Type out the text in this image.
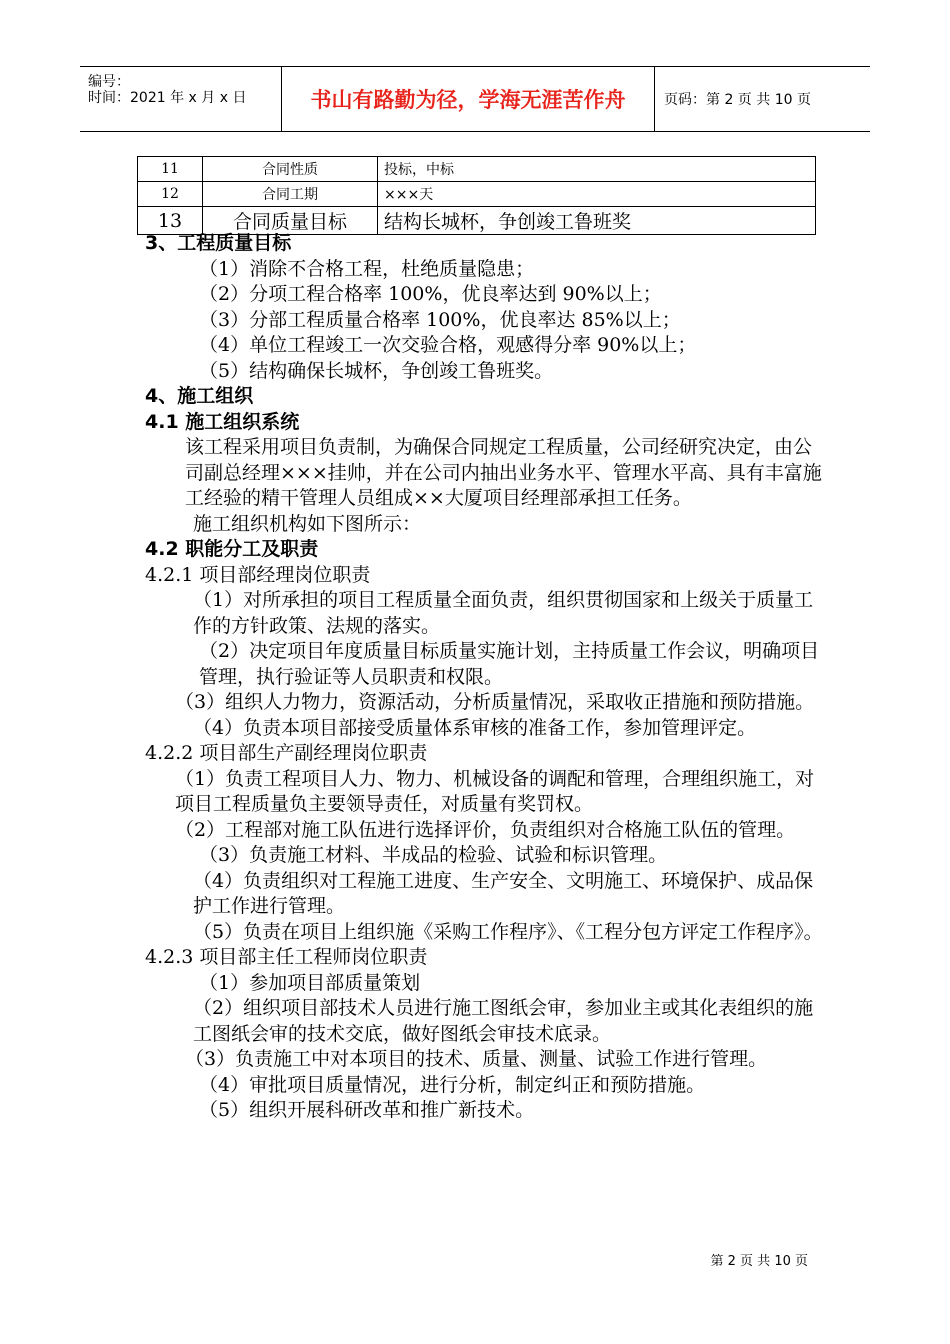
编号：
时间：2021 年 x 月 x 日	书山有路勤为径，学海无涯苦作舟	页码：第 2 页 共 10 页
11	合同性质	投标，中标
12	合同工期	×××天
13	合同质量目标	结构长城杯，争创竣工鲁班奖

3、工程质量目标

（1）消除不合格工程，杜绝质量隐患；

（2）分项工程合格率 100%，优良率达到 90%以上；

（3）分部工程质量合格率 100%，优良率达 85%以上；

（4）单位工程竣工一次交验合格，观感得分率 90%以上；

（5）结构确保长城杯，争创竣工鲁班奖。

4、施工组织

4.1 施工组织系统

该工程采用项目负责制，为确保合同规定工程质量，公司经研究决定，由公司副总经理×××挂帅，并在公司内抽出业务水平、管理水平高、具有丰富施工经验的精干管理人员组成××大厦项目经理部承担工任务。

施工组织机构如下图所示：

4.2 职能分工及职责

4.2.1 项目部经理岗位职责

（1）对所承担的项目工程质量全面负责，组织贯彻国家和上级关于质量工作的方针政策、法规的落实。

（2）决定项目年度质量目标质量实施计划，主持质量工作会议，明确项目管理，执行验证等人员职责和权限。

（3）组织人力物力，资源活动，分析质量情况，采取收正措施和预防措施。

（4）负责本项目部接受质量体系审核的准备工作，参加管理评定。

4.2.2 项目部生产副经理岗位职责

（1）负责工程项目人力、物力、机械设备的调配和管理，合理组织施工，对项目工程质量负主要领导责任，对质量有奖罚权。

（2）工程部对施工队伍进行选择评价，负责组织对合格施工队伍的管理。

（3）负责施工材料、半成品的检验、试验和标识管理。

（4）负责组织对工程施工进度、生产安全、文明施工、环境保护、成品保护工作进行管理。

（5）负责在项目上组织施《采购工作程序》、《工程分包方评定工作程序》。

4.2.3 项目部主任工程师岗位职责

（1）参加项目部质量策划

（2）组织项目部技术人员进行施工图纸会审，参加业主或其化表组织的施工图纸会审的技术交底，做好图纸会审技术底录。

（3）负责施工中对本项目的技术、质量、测量、试验工作进行管理。

（4）审批项目质量情况，进行分析，制定纠正和预防措施。

（5）组织开展科研改革和推广新技术。

第 2 页 共 10 页
